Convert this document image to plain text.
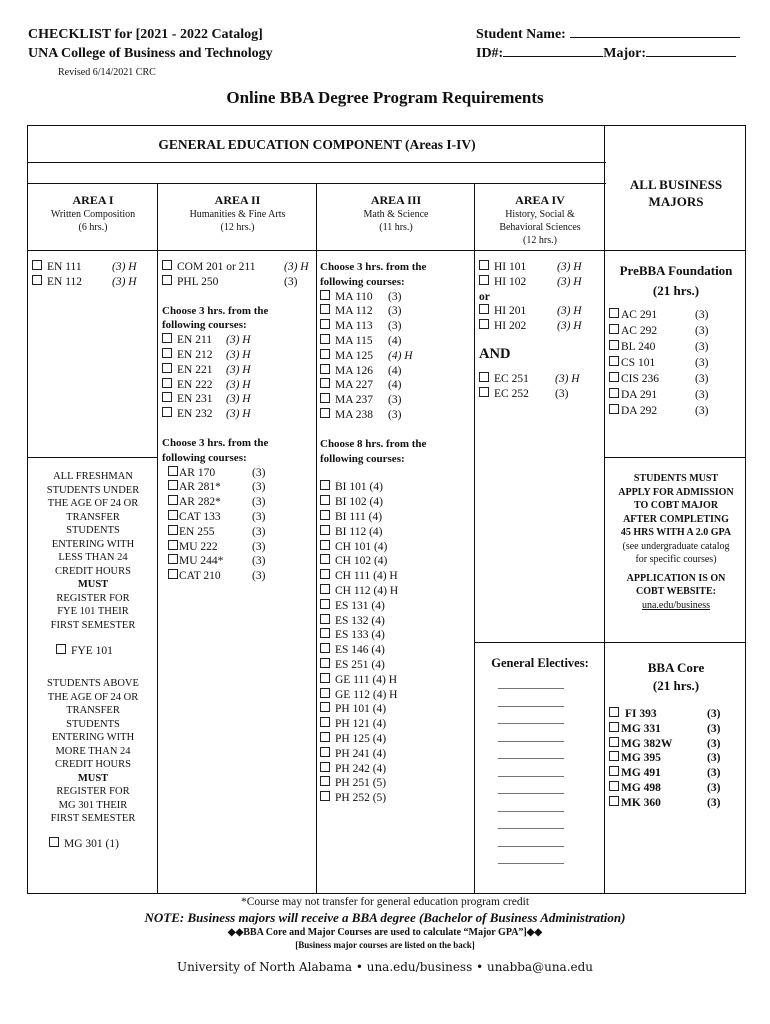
CHECKLIST for [2021 - 2022 Catalog]
UNA College of Business and Technology
Revised 6/14/2021 CRC
Student Name:
ID#:	Major:
Online BBA Degree Program Requirements
GENERAL EDUCATION COMPONENT (Areas I-IV)
ALL BUSINESS MAJORS
AREA I
Written Composition
(6 hrs.)
AREA II
Humanities & Fine Arts
(12 hrs.)
AREA III
Math & Science
(11 hrs.)
AREA IV
History, Social &
Behavioral Sciences
(12 hrs.)
EN 111	(3) H
EN 112	(3) H
ALL FRESHMAN
STUDENTS UNDER
THE AGE OF 24 OR
TRANSFER
STUDENTS
ENTERING WITH
LESS THAN 24
CREDIT HOURS
MUST
REGISTER FOR
FYE 101 THEIR
FIRST SEMESTER
FYE 101
STUDENTS ABOVE
THE AGE OF 24 OR
TRANSFER
STUDENTS
ENTERING WITH
MORE THAN 24
CREDIT HOURS
MUST
REGISTER FOR
MG 301 THEIR
FIRST SEMESTER
MG 301 (1)
COM 201 or 211 (3) H
PHL 250	(3)
Choose 3 hrs. from the
following courses:
EN 211 (3) H
EN 212 (3) H
EN 221 (3) H
EN 222 (3) H
EN 231 (3) H
EN 232 (3) H
Choose 3 hrs. from the
following courses:
AR 170	(3)
AR 281*	(3)
AR 282*	(3)
CAT 133	(3)
EN 255	(3)
MU 222	(3)
MU 244* (3)
CAT 210	(3)
Choose 3 hrs. from the
following courses:
MA 110 (3)
MA 112 (3)
MA 113 (3)
MA 115 (4)
MA 125 (4) H
MA 126 (4)
MA 227 (4)
MA 237 (3)
MA 238 (3)
Choose 8 hrs. from the
following courses:
BI 101 (4)
BI 102 (4)
BI 111 (4)
BI 112 (4)
CH 101 (4)
CH 102 (4)
CH 111 (4) H
CH 112 (4) H
ES 131 (4)
ES 132 (4)
ES 133 (4)
ES 146 (4)
ES 251 (4)
GE 111 (4) H
GE 112 (4) H
PH 101 (4)
PH 121 (4)
PH 125 (4)
PH 241 (4)
PH 242 (4)
PH 251 (5)
PH 252 (5)
HI 101	(3) H
HI 102	(3) H
or
HI 201	(3) H
HI 202	(3) H
AND
EC 251 (3) H
EC 252 (3)
General Electives:
___________
___________
___________
___________
___________
___________
___________
___________
___________
___________
___________
PreBBA Foundation
(21 hrs.)
AC 291	(3)
AC 292	(3)
BL 240	(3)
CS 101	(3)
CIS 236	(3)
DA 291	(3)
DA 292	(3)
STUDENTS MUST
APPLY FOR ADMISSION
TO COBT MAJOR
AFTER COMPLETING
45 HRS WITH A 2.0 GPA
(see undergraduate catalog
for specific courses)
APPLICATION IS ON
COBT WEBSITE:
una.edu/business
BBA Core
(21 hrs.)
FI 393	(3)
MG 331	(3)
MG 382W	(3)
MG 395	(3)
MG 491	(3)
MG 498	(3)
MK 360	(3)
*Course may not transfer for general education program credit
NOTE: Business majors will receive a BBA degree (Bachelor of Business Administration)
◆◆BBA Core and Major Courses are used to calculate “Major GPA”]◆◆
[Business major courses are listed on the back]
University of North Alabama • una.edu/business • unabba@una.edu
